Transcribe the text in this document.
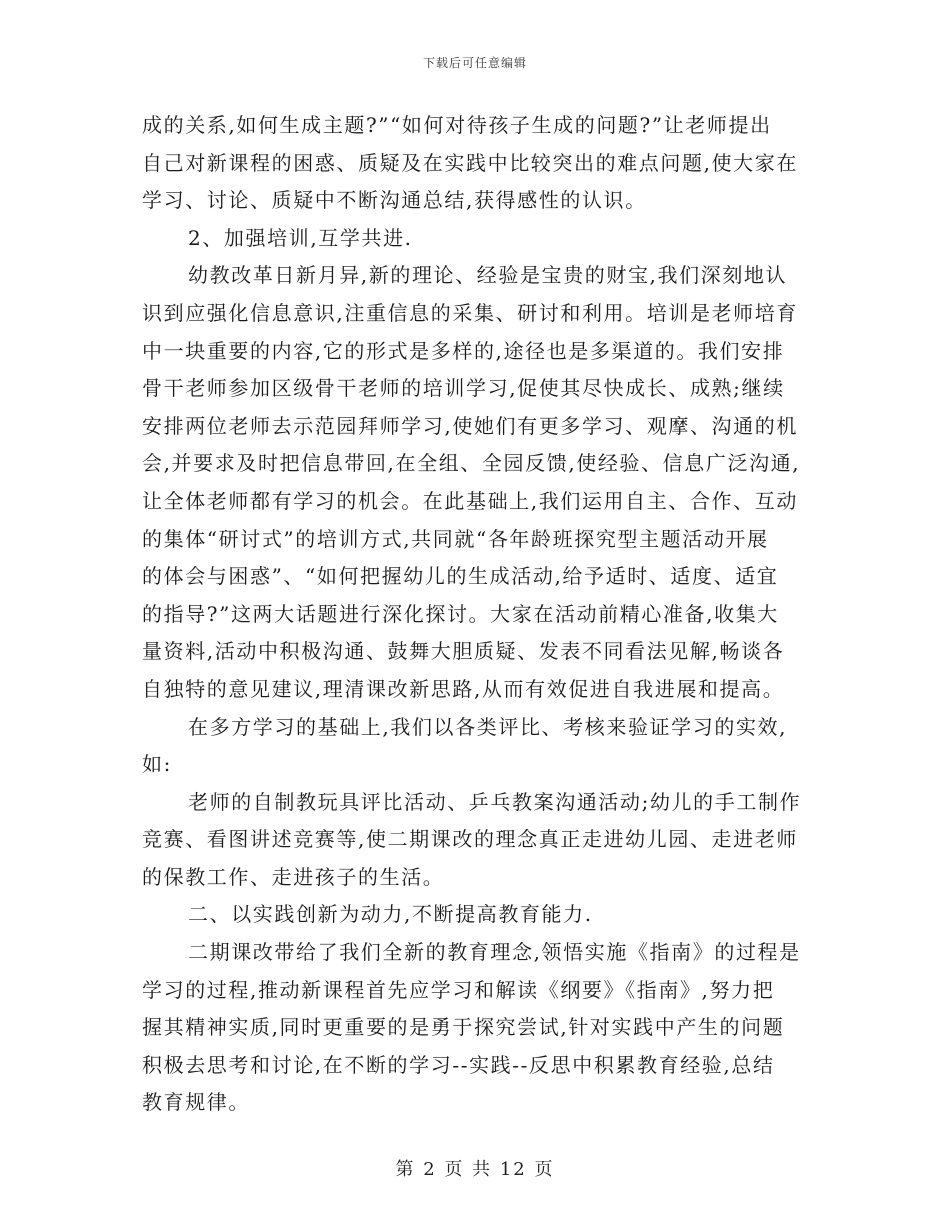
下载后可任意编辑
成的关系,如何生成主题?”“如何对待孩子生成的问题?”让老师提出
自己对新课程的困惑、质疑及在实践中比较突出的难点问题,使大家在
学习、讨论、质疑中不断沟通总结,获得感性的认识。
2、加强培训,互学共进.
幼教改革日新月异,新的理论、经验是宝贵的财宝,我们深刻地认
识到应强化信息意识,注重信息的采集、研讨和利用。培训是老师培育
中一块重要的内容,它的形式是多样的,途径也是多渠道的。我们安排
骨干老师参加区级骨干老师的培训学习,促使其尽快成长、成熟;继续
安排两位老师去示范园拜师学习,使她们有更多学习、观摩、沟通的机
会,并要求及时把信息带回,在全组、全园反馈,使经验、信息广泛沟通,
让全体老师都有学习的机会。在此基础上,我们运用自主、合作、互动
的集体“研讨式”的培训方式,共同就“各年龄班探究型主题活动开展
的体会与困惑”、“如何把握幼儿的生成活动,给予适时、适度、适宜
的指导?”这两大话题进行深化探讨。大家在活动前精心准备,收集大
量资料,活动中积极沟通、鼓舞大胆质疑、发表不同看法见解,畅谈各
自独特的意见建议,理清课改新思路,从而有效促进自我进展和提高。
在多方学习的基础上,我们以各类评比、考核来验证学习的实效,
如:
老师的自制教玩具评比活动、乒乓教案沟通活动;幼儿的手工制作
竞赛、看图讲述竞赛等,使二期课改的理念真正走进幼儿园、走进老师
的保教工作、走进孩子的生活。
二、以实践创新为动力,不断提高教育能力.
二期课改带给了我们全新的教育理念,领悟实施《指南》的过程是
学习的过程,推动新课程首先应学习和解读《纲要》《指南》,努力把
握其精神实质,同时更重要的是勇于探究尝试,针对实践中产生的问题
积极去思考和讨论,在不断的学习--实践--反思中积累教育经验,总结
教育规律。
第 2 页 共 12 页
